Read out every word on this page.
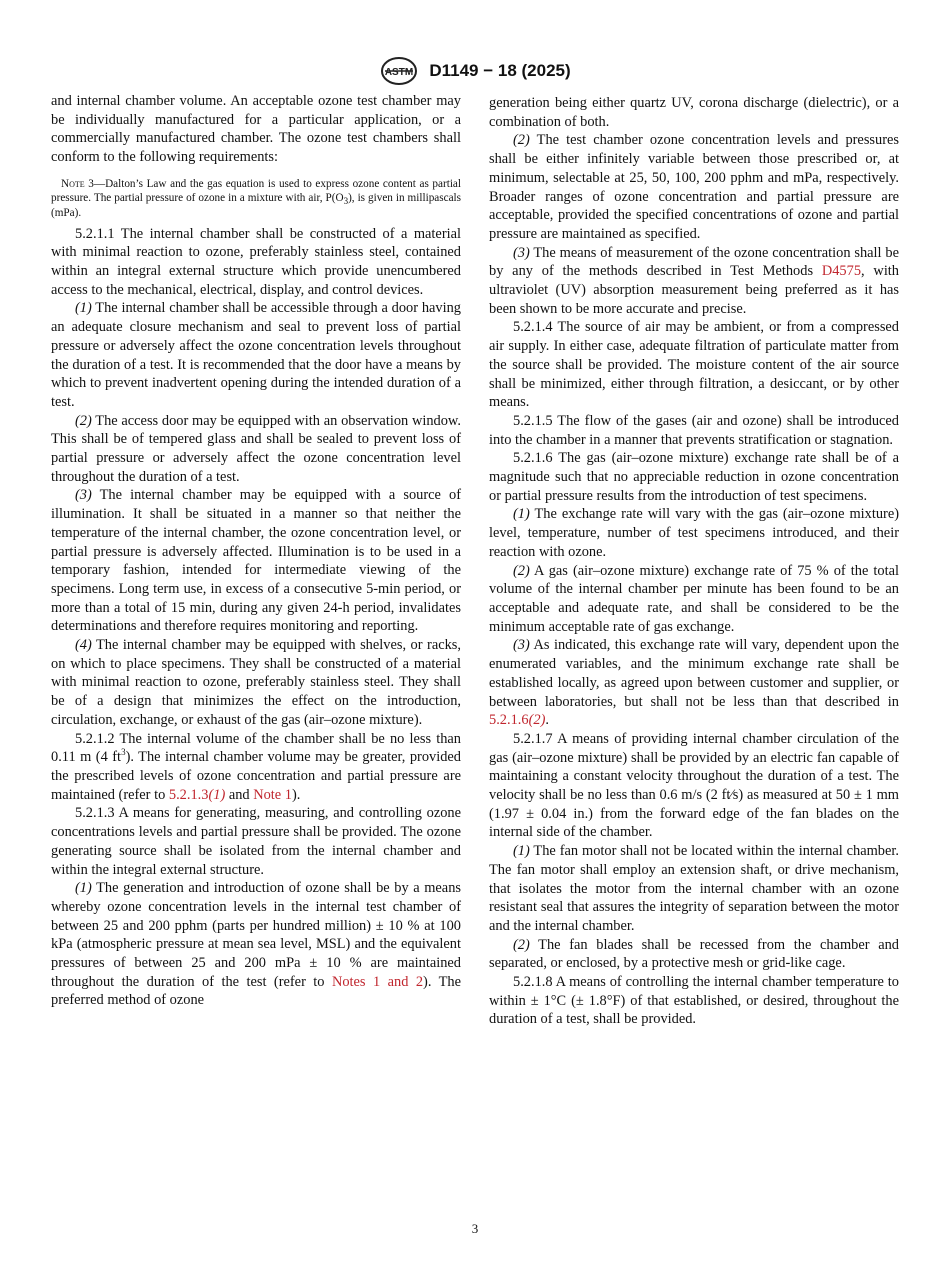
ASTM D1149 − 18 (2025)

and internal chamber volume. An acceptable ozone test chamber may be individually manufactured for a particular application, or a commercially manufactured chamber. The ozone test chambers shall conform to the following requirements:

Note 3—Dalton’s Law and the gas equation is used to express ozone content as partial pressure. The partial pressure of ozone in a mixture with air, $P(O_3)$, is given in millipascals (mPa).

5.2.1.1 The internal chamber shall be constructed of a material with minimal reaction to ozone, preferably stainless steel, contained within an integral external structure which provide unencumbered access to the mechanical, electrical, display, and control devices.

(1) The internal chamber shall be accessible through a door having an adequate closure mechanism and seal to prevent loss of partial pressure or adversely affect the ozone concentration levels throughout the duration of a test. It is recommended that the door have a means by which to prevent inadvertent opening during the intended duration of a test.

(2) The access door may be equipped with an observation window. This shall be of tempered glass and shall be sealed to prevent loss of partial pressure or adversely affect the ozone concentration level throughout the duration of a test.

(3) The internal chamber may be equipped with a source of illumination. It shall be situated in a manner so that neither the temperature of the internal chamber, the ozone concentration level, or partial pressure is adversely affected. Illumination is to be used in a temporary fashion, intended for intermediate viewing of the specimens. Long term use, in excess of a consecutive 5-min period, or more than a total of 15 min, during any given 24-h period, invalidates determinations and therefore requires monitoring and reporting.

(4) The internal chamber may be equipped with shelves, or racks, on which to place specimens. They shall be constructed of a material with minimal reaction to ozone, preferably stainless steel. They shall be of a design that minimizes the effect on the introduction, circulation, exchange, or exhaust of the gas (air–ozone mixture).

5.2.1.2 The internal volume of the chamber shall be no less than 0.11 m (4 $ft^3$). The internal chamber volume may be greater, provided the prescribed levels of ozone concentration and partial pressure are maintained (refer to 5.2.1.3(1) and Note 1).

5.2.1.3 A means for generating, measuring, and controlling ozone concentrations levels and partial pressure shall be provided. The ozone generating source shall be isolated from the internal chamber and within the integral external structure.

(1) The generation and introduction of ozone shall be by a means whereby ozone concentration levels in the internal test chamber of between 25 and 200 pphm (parts per hundred million) ± 10 % at 100 kPa (atmospheric pressure at mean sea level, MSL) and the equivalent pressures of between 25 and 200 mPa ± 10 % are maintained throughout the duration of the test (refer to Notes 1 and 2). The preferred method of ozone

generation being either quartz UV, corona discharge (dielectric), or a combination of both.

(2) The test chamber ozone concentration levels and pressures shall be either infinitely variable between those prescribed or, at minimum, selectable at 25, 50, 100, 200 pphm and mPa, respectively. Broader ranges of ozone concentration and partial pressure are acceptable, provided the specified concentrations of ozone and partial pressure are maintained as specified.

(3) The means of measurement of the ozone concentration shall be by any of the methods described in Test Methods D4575, with ultraviolet (UV) absorption measurement being preferred as it has been shown to be more accurate and precise.

5.2.1.4 The source of air may be ambient, or from a compressed air supply. In either case, adequate filtration of particulate matter from the source shall be provided. The moisture content of the air source shall be minimized, either through filtration, a desiccant, or by other means.

5.2.1.5 The flow of the gases (air and ozone) shall be introduced into the chamber in a manner that prevents stratification or stagnation.

5.2.1.6 The gas (air–ozone mixture) exchange rate shall be of a magnitude such that no appreciable reduction in ozone concentration or partial pressure results from the introduction of test specimens.

(1) The exchange rate will vary with the gas (air–ozone mixture) level, temperature, number of test specimens introduced, and their reaction with ozone.

(2) A gas (air–ozone mixture) exchange rate of 75 % of the total volume of the internal chamber per minute has been found to be an acceptable and adequate rate, and shall be considered to be the minimum acceptable rate of gas exchange.

(3) As indicated, this exchange rate will vary, dependent upon the enumerated variables, and the minimum exchange rate shall be established locally, as agreed upon between customer and supplier, or between laboratories, but shall not be less than that described in 5.2.1.6(2).

5.2.1.7 A means of providing internal chamber circulation of the gas (air–ozone mixture) shall be provided by an electric fan capable of maintaining a constant velocity throughout the duration of a test. The velocity shall be no less than 0.6 m/s (2 ft⁄s) as measured at 50 ± 1 mm (1.97 ± 0.04 in.) from the forward edge of the fan blades on the internal side of the chamber.

(1) The fan motor shall not be located within the internal chamber. The fan motor shall employ an extension shaft, or drive mechanism, that isolates the motor from the internal chamber with an ozone resistant seal that assures the integrity of separation between the motor and the internal chamber.

(2) The fan blades shall be recessed from the chamber and separated, or enclosed, by a protective mesh or grid-like cage.

5.2.1.8 A means of controlling the internal chamber temperature to within ± 1°C (± 1.8°F) of that established, or desired, throughout the duration of a test, shall be provided.

3
